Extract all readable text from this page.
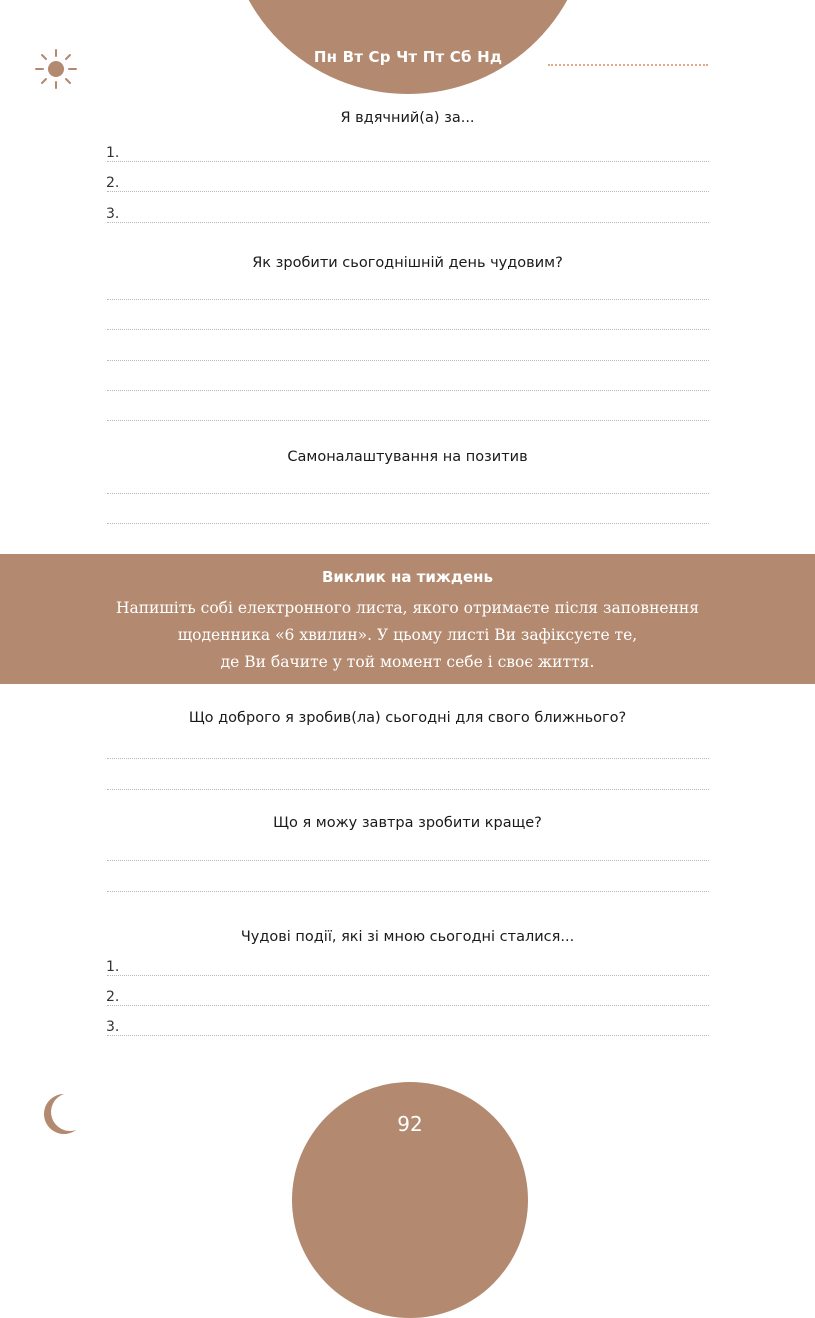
Пн Вт Ср Чт Пт Сб Нд
Я вдячний(а) за...
1.
2.
3.
Як зробити сьогоднішній день чудовим?
Самоналаштування на позитив
Виклик на тиждень
Напишіть собі електронного листа, якого отримаєте після заповнення
щоденника «6 хвилин». У цьому листі Ви зафіксуєте те,
де Ви бачите у той момент себе і своє життя.
Що доброго я зробив(ла) сьогодні для свого ближнього?
Що я можу завтра зробити краще?
Чудові події, які зі мною сьогодні сталися...
1.
2.
3.
92
